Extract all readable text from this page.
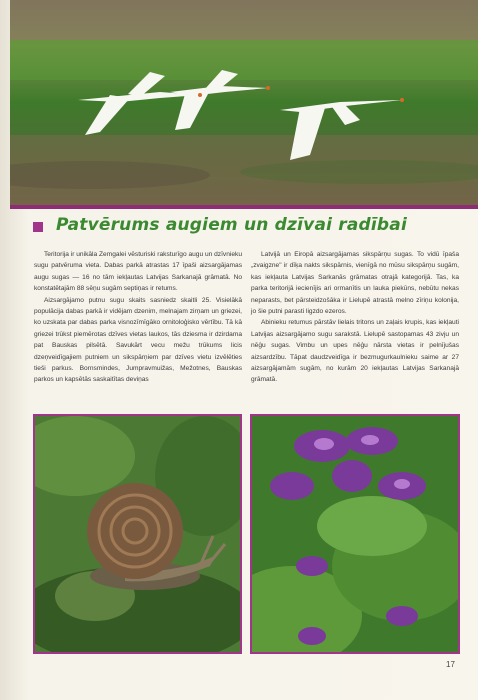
Patvērums augiem un dzīvai radībai

Teritorija ir unikāla Zemgalei vēsturiski raksturīgo augu un dzīvnieku sugu patvēruma vieta. Dabas parkā atrastas 17 īpaši aizsargājamas augu sugas — 16 no tām iekļautas Latvijas Sarkanajā grāmatā. No konstatētajām 88 sēņu sugām septiņas ir retums.

Aizsargājamo putnu sugu skaits sasniedz skaitli 25. Visielākā populācija dabas parkā ir vidējam dzenim, melnajam zirņam un griezei, ko uzskata par dabas parka visnozīmīgāko ornitoloģisko vērtību. Tā kā griezei trūkst piemērotas dzīves vietas laukos, tās dziesma ir dzirdama pat Bauskas pilsētā. Savukārt vecu mežu trūkums licis dzeņveidīgajiem putniem un sikspārņiem par dzīves vietu izvēlēties tieši parkus. Bornsmindes, Jumpravmuižas, Mežotnes, Bauskas parkos un kapsētās saskaitītas deviņas

Latvijā un Eiropā aizsargājamas sikspārņu sugas. To vidū īpaša „zvaigzne" ir dīķa nakts sikspārnis, vienīgā no mūsu sikspārņu sugām, kas iekļauta Latvijas Sarkanās grāmatas otrajā kategorijā. Tas, ka parka teritorijā iecienījis ari ormanītis un lauka piekūns, nebūtu nekas neparasts, bet pārsteidzošāka ir Lielupē atrastā melno zīriņu kolonija, jo šie putni parasti ligzdo ezeros.

Abinieku retumus pārstāv lielais tritons un zaļais krupis, kas iekļauti Latvijas aizsargājamo sugu sarakstā. Lielupē sastopamas 43 zivju un nēģu sugas. Vimbu un upes nēģu nārsta vietas ir pelnījušas aizsardzību. Tāpat daudzveidīga ir bezmugurkaulnieku saime ar 27 aizsargājamām sugām, no kurām 20 iekļautas Latvijas Sarkanajā grāmatā.

17
